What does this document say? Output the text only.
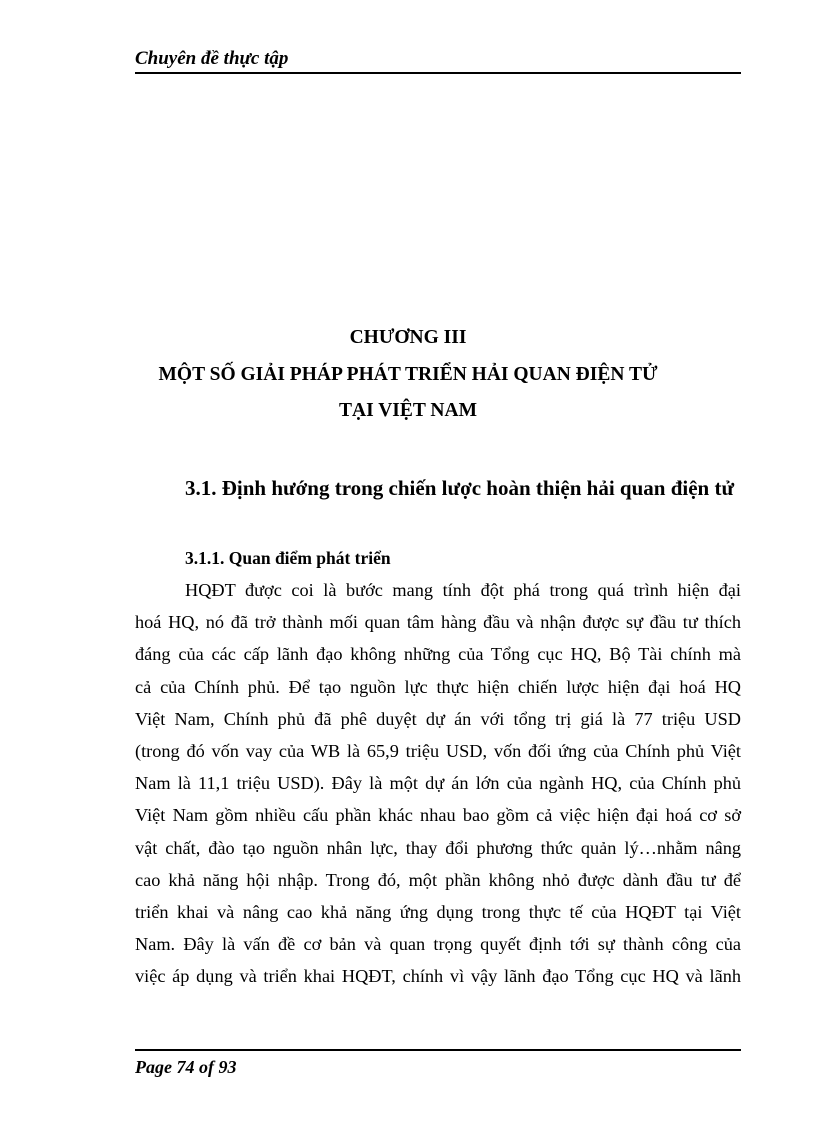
Chuyên đề thực tập
CHƯƠNG III
MỘT SỐ GIẢI PHÁP PHÁT TRIỂN HẢI QUAN ĐIỆN TỬ
TẠI VIỆT NAM
3.1. Định hướng trong chiến lược hoàn thiện hải quan điện tử
3.1.1. Quan điểm phát triển
HQĐT được coi là bước mang tính đột phá trong quá trình hiện đại
hoá HQ, nó đã trở thành mối quan tâm hàng đầu và nhận được sự đầu tư thích
đáng của các cấp lãnh đạo không những của Tổng cục HQ, Bộ Tài chính mà
cả của Chính phủ. Để tạo nguồn lực thực hiện chiến lược hiện đại hoá HQ
Việt Nam, Chính phủ đã phê duyệt dự án với tổng trị giá là 77 triệu USD
(trong đó vốn vay của WB là 65,9 triệu USD, vốn đối ứng của Chính phủ Việt
Nam là 11,1 triệu USD). Đây là một dự án lớn của ngành HQ, của Chính phủ
Việt Nam gồm nhiều cấu phần khác nhau bao gồm cả việc hiện đại hoá cơ sở
vật chất, đào tạo nguồn nhân lực, thay đổi phương thức quản lý…nhằm nâng
cao khả năng hội nhập. Trong đó, một phần không nhỏ được dành đầu tư để
triển khai và nâng cao khả năng ứng dụng trong thực tế của HQĐT tại Việt
Nam. Đây là vấn đề cơ bản và quan trọng quyết định tới sự thành công của
việc áp dụng và triển khai HQĐT, chính vì vậy lãnh đạo Tổng cục HQ và lãnh
Page 74 of 93
